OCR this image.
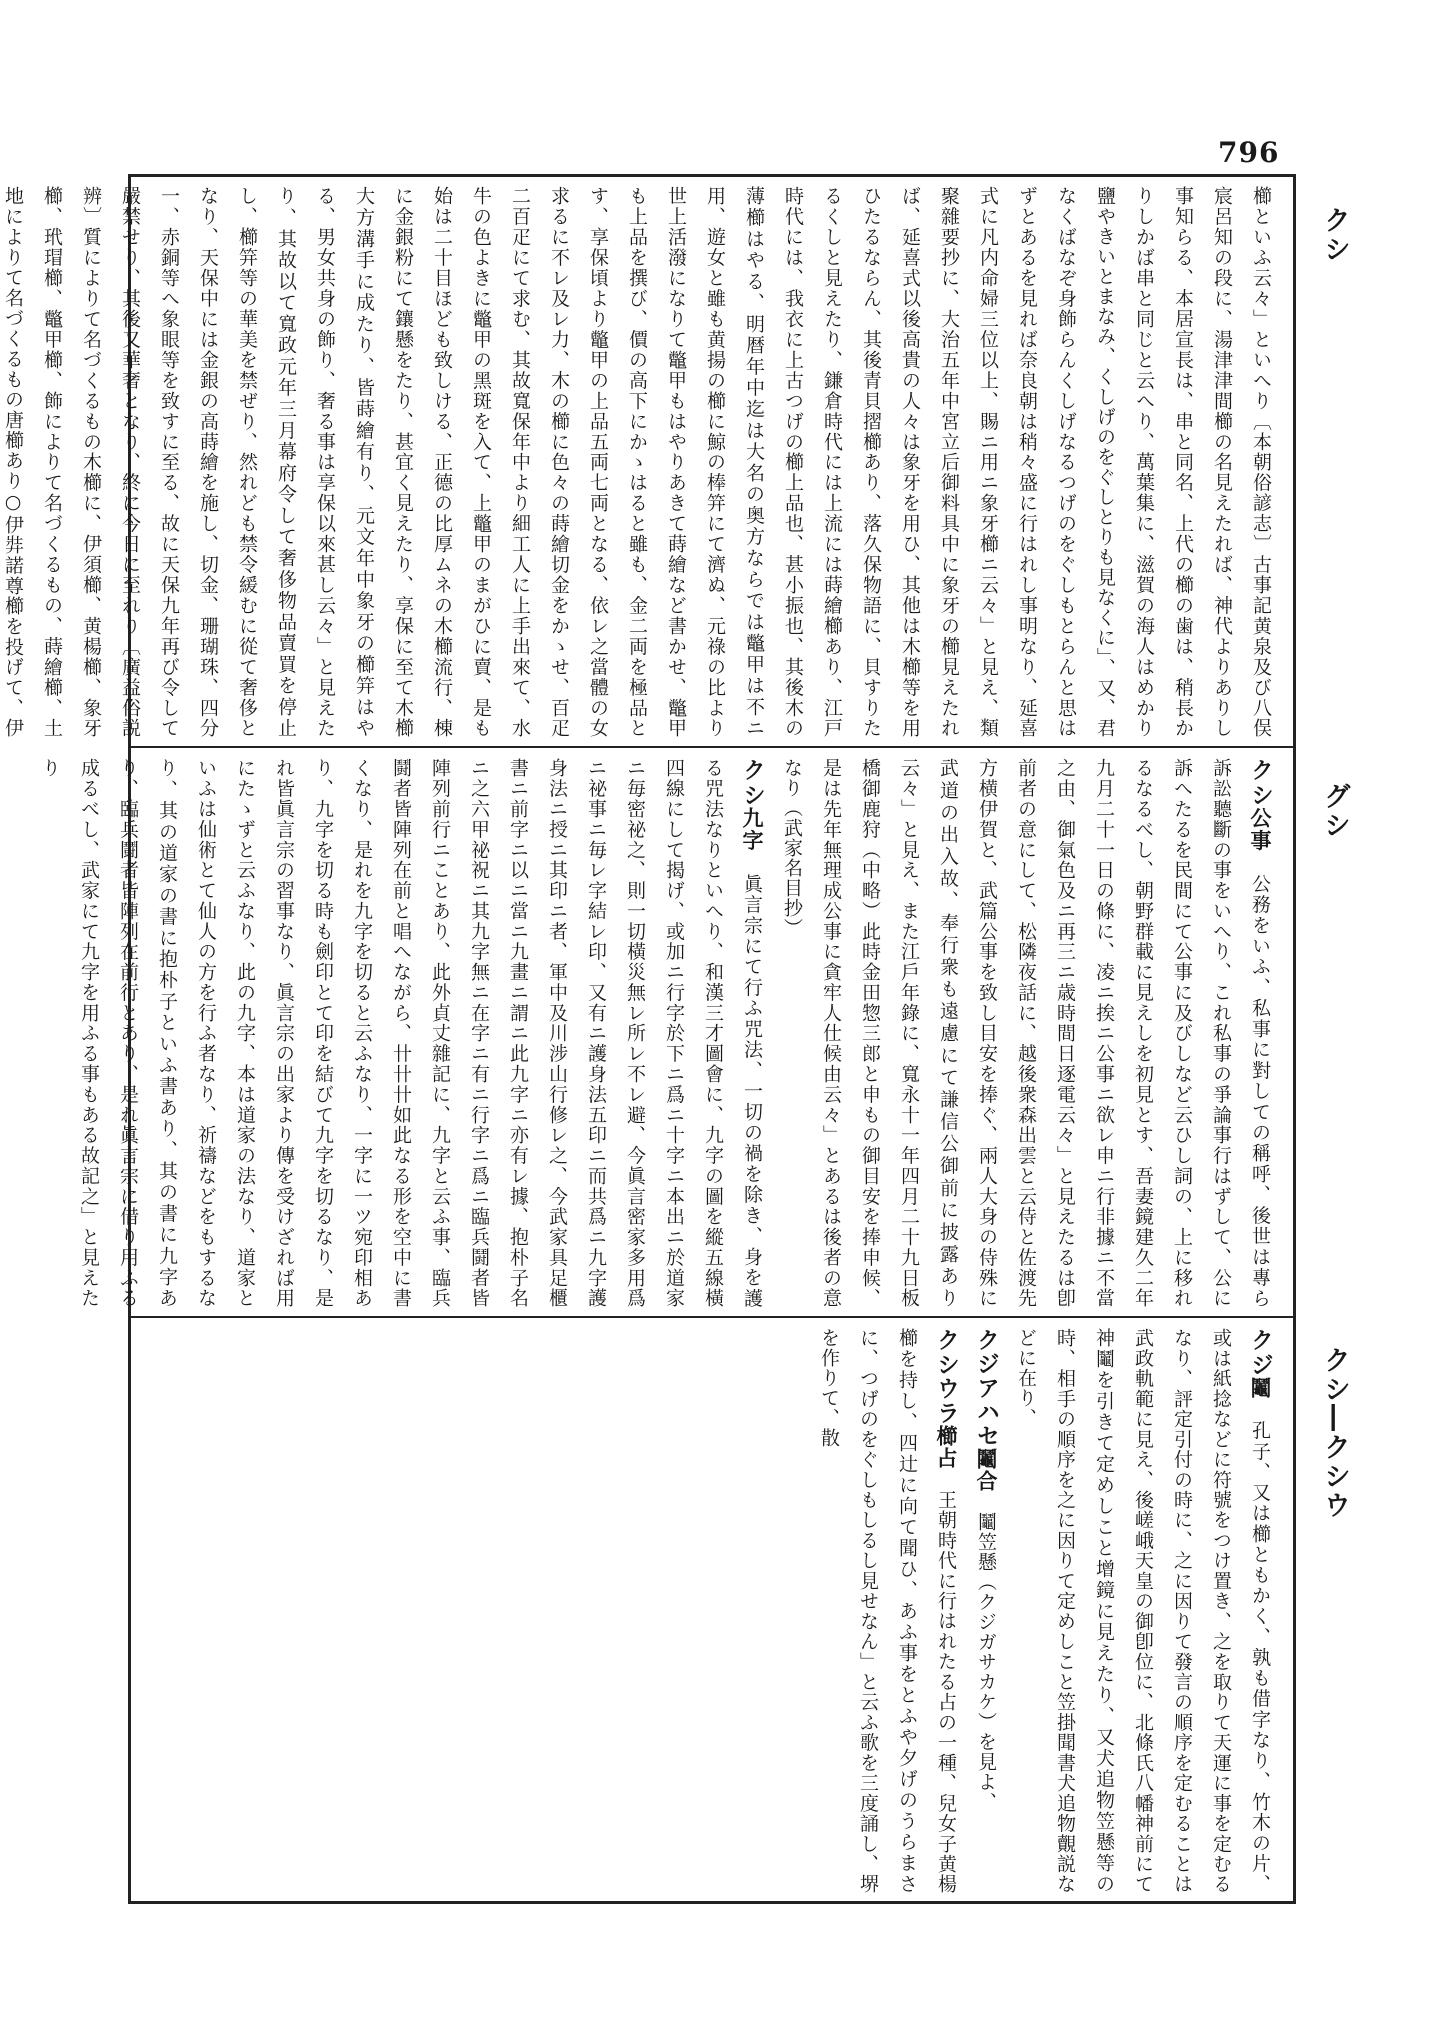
796
クシ
グシ
クシ―クシウ

櫛といふ云々」といへり〔本朝俗諺志〕古事記黄泉及び八俣宸呂知の段に、湯津津間櫛の名見えたれば、神代よりありし事知らる、本居宣長は、串と同名、上代の櫛の歯は、稍長かりしかば串と同じと云へり、萬葉集に、滋賀の海人はめかり鹽やきいとまなみ、くしげのをぐしとりも見なくに」、又、君なくばなぞ身飾らんくしげなるつげのをぐしもとらんと思はずとあるを見れば奈良朝は稍々盛に行はれし事明なり、延喜式に凡内命婦三位以上、賜ニ用ニ象牙櫛ニ云々」と見え、類聚雜要抄に、大治五年中宮立后御料具中に象牙の櫛見えたれば、延喜式以後高貴の人々は象牙を用ひ、其他は木櫛等を用ひたるならん、其後青貝摺櫛あり、落久保物語に、貝すりたるくしと見えたり、鎌倉時代には上流には蒔繪櫛あり、江戸時代には、我衣に上古つげの櫛上品也、甚小振也、其後木の薄櫛はやる、明暦年中迄は大名の奥方ならでは鼈甲は不ニ用、遊女と雖も黄揚の櫛に鯨の棒笄にて濟ぬ、元祿の比より世上活潑になりて鼈甲もはやりあきて蒔繪など書かせ、鼈甲も上品を撰び、價の高下にかゝはると雖も、金二両を極品とす、享保頃より鼈甲の上品五両七両となる、依レ之當體の女求るに不レ及レ力、木の櫛に色々の蒔繪切金をかゝせ、百疋二百疋にて求む、其故寬保年中より細工人に上手出來て、水牛の色よきに鼈甲の黑斑を入て、上鼈甲のまがひに賣、是も始は二十目ほども致しける、正德の比厚ムネの木櫛流行、棟に金銀粉にて鑲懸をたり、甚宜く見えたり、享保に至て木櫛大方溝手に成たり、皆蒔繪有り、元文年中象牙の櫛笄はやる、男女共身の飾り、奢る事は享保以來甚し云々」と見えたり、其故以て寬政元年三月幕府令して奢侈物品賣買を停止し、櫛笄等の華美を禁ぜり、然れども禁令緩むに從て奢侈となり、天保中には金銀の高蒔繪を施し、切金、珊瑚珠、四分一、赤銅等へ象眼等を致すに至る、故に天保九年再び令して嚴禁せり、其後又華奢となり、終に今日に至れり〔廣益俗説辨〕質によりて名づくるもの木櫛に、伊須櫛、黄楊櫛、象牙櫛、玳瑁櫛、鼈甲櫛、飾によりて名づくるもの、蒔繪櫛、土地によりて名づくるもの唐櫛あり○伊弉諾尊櫛を投げて、伊

クシ公事　公務をいふ、私事に對しての稱呼、後世は專ら訴訟聽斷の事をいへり、これ私事の爭論事行はずして、公に訴へたるを民間にて公事に及びしなど云ひし詞の、上に移れるなるべし、朝野群載に見えしを初見とす、吾妻鏡建久二年九月二十一日の條に、凌ニ挨ニ公事ニ欲レ申ニ行非據ニ不當之由、御氣色及ニ再三ニ歳時間日逐電云々」と見えたるは卽前者の意にして、松隣夜話に、越後衆森出雲と云侍と佐渡先方横伊賀と、武篇公事を致し目安を捧ぐ、兩人大身の侍殊に武道の出入故、奉行衆も遠慮にて謙信公御前に披露あり云々」と見え、また江戶年錄に、寬永十一年四月二十九日板橋御鹿狩（中略）此時金田惣三郎と申もの御目安を捧申候、是は先年無理成公事に貪牢人仕候由云々」とあるは後者の意なり（武家名目抄）

クシ九字　眞言宗にて行ふ咒法、一切の禍を除き、身を護る咒法なりといへり、和漢三才圖會に、九字の圖を縱五線橫四線にして揭げ、或加ニ行字於下ニ爲ニ十字ニ本出ニ於道家ニ毎密祕之、則一切橫災無レ所レ不レ避、今眞言密家多用爲ニ祕事ニ毎レ字結レ印、又有ニ護身法五印ニ而共爲ニ九字護身法ニ授ニ其印ニ者、軍中及川涉山行修レ之、今武家具足櫃書ニ前字ニ以ニ當ニ九畫ニ謂ニ此九字ニ亦有レ據、抱朴子名ニ之六甲祕祝ニ其九字無ニ在字ニ有ニ行字ニ爲ニ臨兵鬪者皆陣列前行ニことあり、此外貞丈雜記に、九字と云ふ事、臨兵鬪者皆陣列在前と唱へながら、卄卄卄如此なる形を空中に書くなり、是れを九字を切ると云ふなり、一字に一ツ宛印相あり、九字を切る時も劍印とて印を結びて九字を切るなり、是れ皆眞言宗の習事なり、眞言宗の出家より傳を受けざれば用にたゝずと云ふなり、此の九字、本は道家の法なり、道家といふは仙術とて仙人の方を行ふ者なり、祈禱などをもするなり、其の道家の書に抱朴子といふ書あり、其の書に九字あり、臨兵鬪者皆陣列在前行とあり、是れ眞言宗に借り用ふる成るべし、武家にて九字を用ふる事もある故記之」と見えたり

クジ鬮　孔子、又は櫛ともかく、孰も借字なり、竹木の片、或は紙捻などに符號をつけ置き、之を取りて天運に事を定むるなり、評定引付の時に、之に因りて發言の順序を定むることは武政軌範に見え、後嵯峨天皇の御卽位に、北條氏八幡神前にて神鬮を引きて定めしこと增鏡に見えたり、又犬追物笠懸等の時、相手の順序を之に因りて定めしこと笠掛聞書犬追物覿説などに在り、

クジアハセ鬮合　鬮笠懸（クジガサカケ）を見よ、

クシウラ櫛占　王朝時代に行はれたる占の一種、兒女子黄楊櫛を持し、四辻に向て聞ひ、あふ事をとふや夕げのうらまさに、つげのをぐしもしるし見せなん」と云ふ歌を三度誦し、堺を作りて、散
